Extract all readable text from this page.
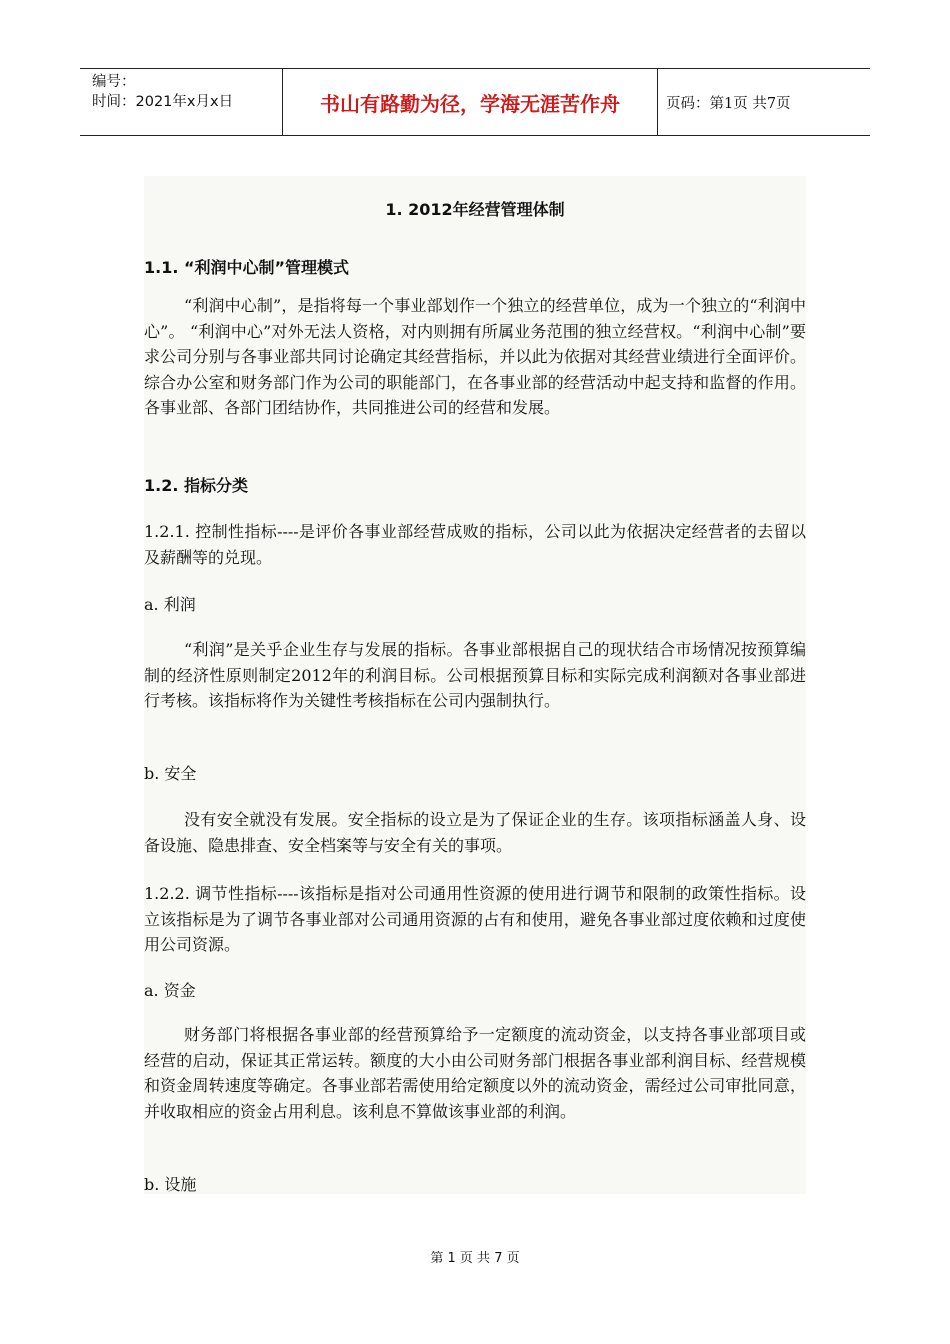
编号：
时间：2021年x月x日	书山有路勤为径，学海无涯苦作舟	页码：第1页 共7页
1. 2012年经营管理体制
1.1. “利润中心制”管理模式
“利润中心制”，是指将每一个事业部划作一个独立的经营单位，成为一个独立的“利润中心”。 “利润中心”对外无法人资格，对内则拥有所属业务范围的独立经营权。“利润中心制”要求公司分别与各事业部共同讨论确定其经营指标，并以此为依据对其经营业绩进行全面评价。综合办公室和财务部门作为公司的职能部门，在各事业部的经营活动中起支持和监督的作用。各事业部、各部门团结协作，共同推进公司的经营和发展。
1.2. 指标分类
1.2.1. 控制性指标----是评价各事业部经营成败的指标，公司以此为依据决定经营者的去留以及薪酬等的兑现。
a. 利润
“利润”是关乎企业生存与发展的指标。各事业部根据自己的现状结合市场情况按预算编制的经济性原则制定2012年的利润目标。公司根据预算目标和实际完成利润额对各事业部进行考核。该指标将作为关键性考核指标在公司内强制执行。
b. 安全
没有安全就没有发展。安全指标的设立是为了保证企业的生存。该项指标涵盖人身、设备设施、隐患排查、安全档案等与安全有关的事项。
1.2.2. 调节性指标----该指标是指对公司通用性资源的使用进行调节和限制的政策性指标。设立该指标是为了调节各事业部对公司通用资源的占有和使用，避免各事业部过度依赖和过度使用公司资源。
a. 资金
财务部门将根据各事业部的经营预算给予一定额度的流动资金，以支持各事业部项目或经营的启动，保证其正常运转。额度的大小由公司财务部门根据各事业部利润目标、经营规模和资金周转速度等确定。各事业部若需使用给定额度以外的流动资金，需经过公司审批同意，并收取相应的资金占用利息。该利息不算做该事业部的利润。
b. 设施
第 1 页 共 7 页
